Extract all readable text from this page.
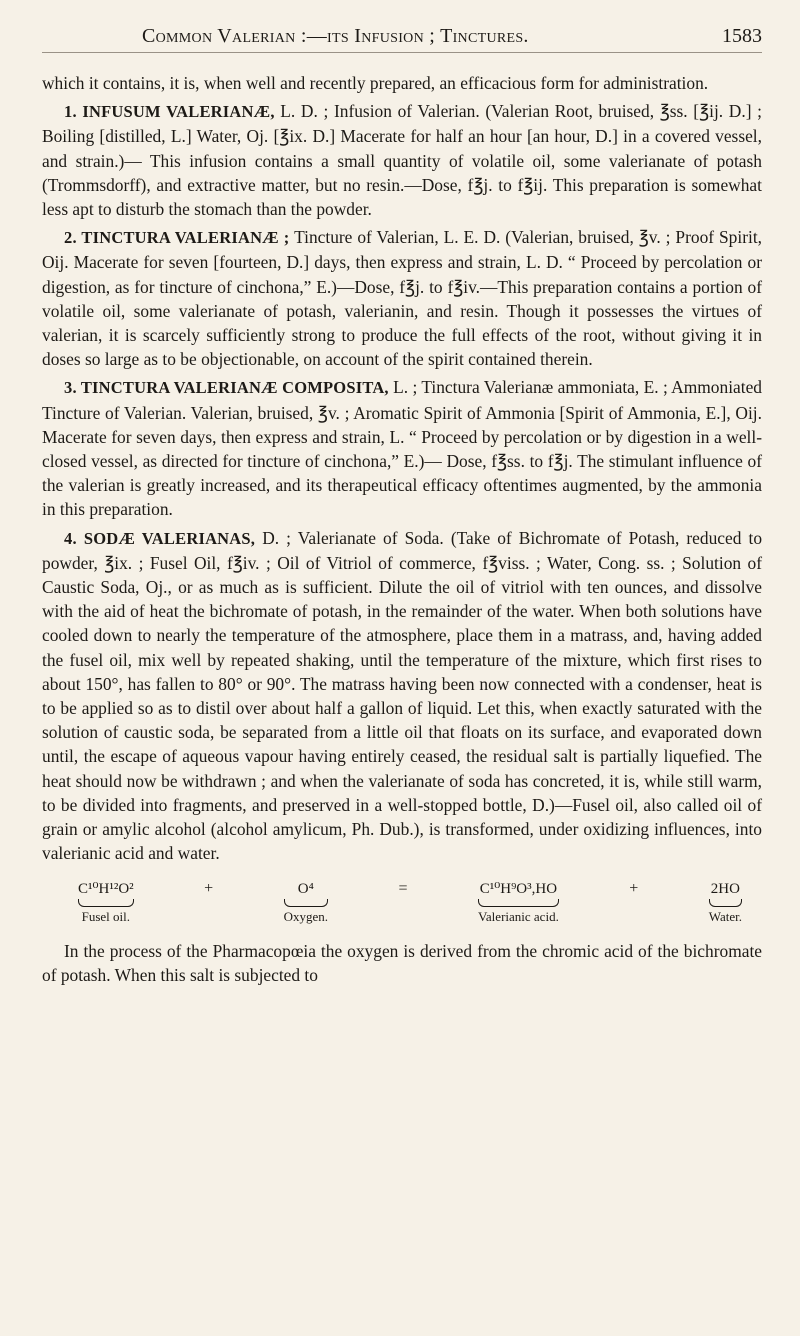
Common Valerian :—its Infusion ; Tinctures.	1583

which it contains, it is, when well and recently prepared, an efficacious form for administration.

1. INFUSUM VALERIANÆ, L. D. ; Infusion of Valerian. (Valerian Root, bruised, ℥ss. [℥ij. D.] ; Boiling [distilled, L.] Water, Oj. [℥ix. D.] Macerate for half an hour [an hour, D.] in a covered vessel, and strain.)— This infusion contains a small quantity of volatile oil, some valerianate of potash (Trommsdorff), and extractive matter, but no resin.—Dose, f℥j. to f℥ij. This preparation is somewhat less apt to disturb the stomach than the powder.

2. TINCTURA VALERIANÆ ; Tincture of Valerian, L. E. D. (Valerian, bruised, ℥v. ; Proof Spirit, Oij. Macerate for seven [fourteen, D.] days, then express and strain, L. D. “ Proceed by percolation or digestion, as for tincture of cinchona,” E.)—Dose, f℥j. to f℥iv.—This preparation contains a portion of volatile oil, some valerianate of potash, valerianin, and resin. Though it possesses the virtues of valerian, it is scarcely sufficiently strong to produce the full effects of the root, without giving it in doses so large as to be objectionable, on account of the spirit contained therein.

3. TINCTURA VALERIANÆ COMPOSITA, L. ; Tinctura Valerianæ ammoniata, E. ; Ammoniated Tincture of Valerian. Valerian, bruised, ℥v. ; Aromatic Spirit of Ammonia [Spirit of Ammonia, E.], Oij. Macerate for seven days, then express and strain, L. “ Proceed by percolation or by digestion in a well-closed vessel, as directed for tincture of cinchona,” E.)— Dose, f℥ss. to f℥j. The stimulant influence of the valerian is greatly increased, and its therapeutical efficacy oftentimes augmented, by the ammonia in this preparation.

4. SODÆ VALERIANAS, D. ; Valerianate of Soda. (Take of Bichromate of Potash, reduced to powder, ℥ix. ; Fusel Oil, f℥iv. ; Oil of Vitriol of commerce, f℥viss. ; Water, Cong. ss. ; Solution of Caustic Soda, Oj., or as much as is sufficient. Dilute the oil of vitriol with ten ounces, and dissolve with the aid of heat the bichromate of potash, in the remainder of the water. When both solutions have cooled down to nearly the temperature of the atmosphere, place them in a matrass, and, having added the fusel oil, mix well by repeated shaking, until the temperature of the mixture, which first rises to about 150°, has fallen to 80° or 90°. The matrass having been now connected with a condenser, heat is to be applied so as to distil over about half a gallon of liquid. Let this, when exactly saturated with the solution of caustic soda, be separated from a little oil that floats on its surface, and evaporated down until, the escape of aqueous vapour having entirely ceased, the residual salt is partially liquefied. The heat should now be withdrawn ; and when the valerianate of soda has concreted, it is, while still warm, to be divided into fragments, and preserved in a well-stopped bottle, D.)—Fusel oil, also called oil of grain or amylic alcohol (alcohol amylicum, Ph. Dub.), is transformed, under oxidizing influences, into valerianic acid and water.

C¹⁰H¹²O²
Fusel oil.
+	O⁴
Oxygen.
=	C¹⁰H⁹O³,HO
Valerianic acid.
+	2HO
Water.

In the process of the Pharmacopœia the oxygen is derived from the chromic acid of the bichromate of potash. When this salt is subjected to
